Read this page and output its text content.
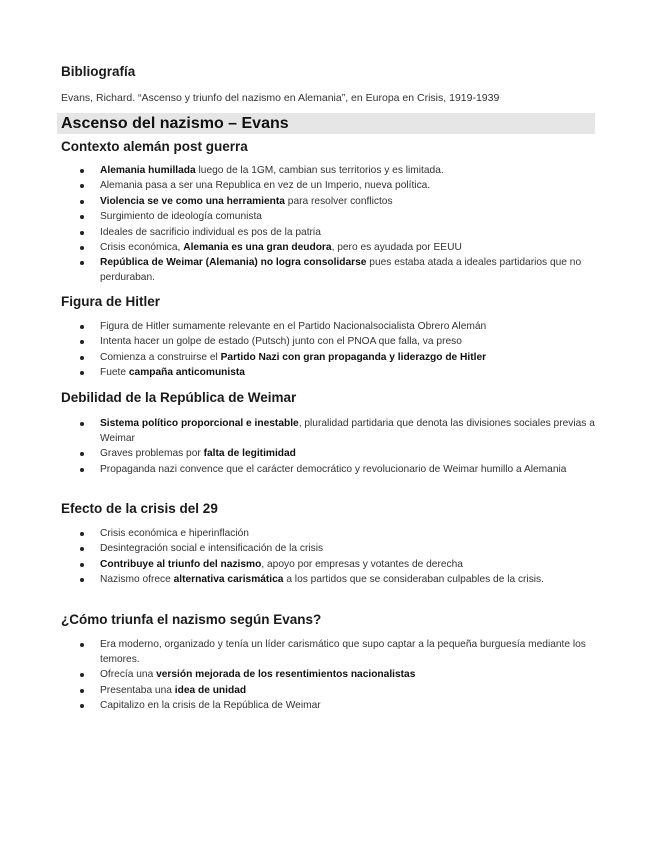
Bibliografía
Evans, Richard. “Ascenso y triunfo del nazismo en Alemania”, en Europa en Crisis, 1919-1939
Ascenso del nazismo – Evans
Contexto alemán post guerra
Alemania humillada luego de la 1GM, cambian sus territorios y es limitada.
Alemania pasa a ser una Republica en vez de un Imperio, nueva política.
Violencia se ve como una herramienta para resolver conflictos
Surgimiento de ideología comunista
Ideales de sacrificio individual es pos de la patria
Crisis económica, Alemania es una gran deudora, pero es ayudada por EEUU
República de Weimar (Alemania) no logra consolidarse pues estaba atada a ideales partidarios que no perduraban.
Figura de Hitler
Figura de Hitler sumamente relevante en el Partido Nacionalsocialista Obrero Alemán
Intenta hacer un golpe de estado (Putsch) junto con el PNOA que falla, va preso
Comienza a construirse el Partido Nazi con gran propaganda y liderazgo de Hitler
Fuete campaña anticomunista
Debilidad de la República de Weimar
Sistema político proporcional e inestable, pluralidad partidaria que denota las divisiones sociales previas a Weimar
Graves problemas por falta de legitimidad
Propaganda nazi convence que el carácter democrático y revolucionario de Weimar humillo a Alemania
Efecto de la crisis del 29
Crisis económica e hiperinflación
Desintegración social e intensificación de la crisis
Contribuye al triunfo del nazismo, apoyo por empresas y votantes de derecha
Nazismo ofrece alternativa carismática a los partidos que se consideraban culpables de la crisis.
¿Cómo triunfa el nazismo según Evans?
Era moderno, organizado y tenía un líder carismático que supo captar a la pequeña burguesía mediante los temores.
Ofrecía una versión mejorada de los resentimientos nacionalistas
Presentaba una idea de unidad
Capitalizo en la crisis de la República de Weimar
